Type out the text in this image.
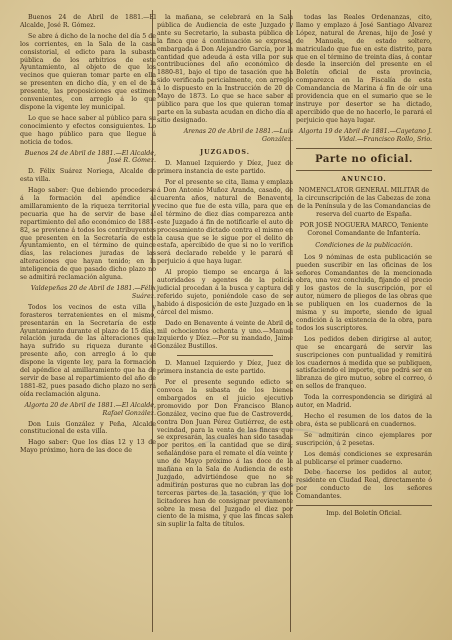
Buenos 24 de Abril de 1881.—El Alcalde, José R. Gómez.

Se abre á dicho de la noche del día 5 de los corrientes, en la Sala de la casa consistorial, el edicto para la subasta pública de los arbitrios de este Ayuntamiento, al objeto de que los vecinos que quieran tomar parte en ella se presenten en dicho día, y en el de la presente, las proposiciones que estimen convenientes, con arreglo á lo que dispone la vigente ley municipal.

Lo que se hace saber al público para su conocimiento y efectos consiguientes. Lo que hago público para que llegue á noticia de todos.

Buenos 24 de Abril de 1881.—El Alcalde, José R. Gómez.

D. Félix Suárez Noriega, Alcalde de esta villa.

Hago saber: Que debiendo procederse á la formación del apéndice al amillaramiento de la riqueza territorial y pecuaria que ha de servir de base al repartimiento del año económico de 1881-82, se previene á todos los contribuyentes que presenten en la Secretaría de este Ayuntamiento, en el término de quince días, las relaciones juradas de las alteraciones que hayan tenido; en la inteligencia de que pasado dicho plazo no se admitirá reclamación alguna.

Valdepeñas 20 de Abril de 1881.—Félix Suárez.

Todos los vecinos de esta villa y forasteros terratenientes en el mismo, presentarán en la Secretaría de este Ayuntamiento durante el plazo de 15 días, relación jurada de las alteraciones que haya sufrido su riqueza durante el presente año, con arreglo á lo que dispone la vigente ley, para la formación del apéndice al amillaramiento que ha de servir de base al repartimiento del año de 1881-82, pues pasado dicho plazo no será oída reclamación alguna.

Algorta 20 de Abril de 1881.—El Alcalde, Rafael González.

Don Luis González y Peña, Alcalde constitucional de esta villa.

Hago saber: Que los días 12 y 13 de Mayo próximo, hora de las doce de

la mañana, se celebrará en la Sala pública de Audiencia de este Juzgado y ante su Secretario, la subasta pública de la finca que á continuación se expresa, embargada á Don Alejandro García, por la cantidad que adeuda á esta villa por sus contribuciones del año económico de 1880-81, bajo el tipo de tasación que ha sido verificada pericialmente, con arreglo á lo dispuesto en la Instrucción de 20 de Mayo de 1873. Lo que se hace saber al público para que los que quieran tomar parte en la subasta acudan en dicho día al sitio designado.

Arenas 20 de Abril de 1881.—Luis González.

JUZGADOS.

D. Manuel Izquierdo y Díez, Juez de primera instancia de este partido.

Por el presente se cita, llama y emplaza á Don Antonio Muñoz Aranda, casado, de cuarenta años, natural de Benavente, vecino que fue de esta villa, para que en el término de diez días comparezca ante este Juzgado á fin de notificarle el auto de procesamiento dictado contra el mismo en la causa que se le sigue por el delito de estafa, apercibido de que si no lo verifica será declarado rebelde y le parará el perjuicio á que haya lugar.

Al propio tiempo se encarga á las autoridades y agentes de la policía judicial procedan á la busca y captura del referido sujeto, poniéndole caso de ser habido á disposición de este Juzgado en la cárcel del mismo.

Dado en Benavente á veinte de Abril de mil ochocientos ochenta y uno.—Manuel Izquierdo y Díez.—Por su mandado, Jaime González Bustillos.

D. Manuel Izquierdo y Díez, Juez de primera instancia de este partido.

Por el presente segundo edicto se convoca la subasta de los bienes embargados en el juicio ejecutivo promovido por Don Francisco Blanco González, vecino que fue de Castroverde, contra Don Juan Pérez Gutiérrez, de esta vecindad, para la venta de las fincas que se expresarán, las cuales han sido tasadas por peritos en la cantidad que se dirá; señalándose para el remate el día veinte y uno de Mayo próximo á las doce de la mañana en la Sala de Audiencia de este Juzgado, advirtiéndose que no se admitirán posturas que no cubran las dos terceras partes de la tasación, y que los licitadores han de consignar previamente sobre la mesa del Juzgado el diez por ciento de la misma, y que las fincas salen sin suplir la falta de títulos.

todas las Reales Ordenanzas, cito, llamo y emplazo á José Santiago Alvarez López, natural de Arenas, hijo de José y de Manuela, de estado soltero, matriculado que fue en este distrito, para que en el término de treinta días, á contar desde la inserción del presente en el Boletín oficial de esta provincia, comparezca en la Fiscalía de esta Comandancia de Marina á fin de oír una providencia que en el sumario que se le instruye por desertor se ha dictado, apercibido que de no hacerlo, le parará el perjuicio que haya lugar.

Algorta 19 de Abril de 1881.—Cayetano J. Vidal.—Francisco Rollo, Srio.

Parte no oficial.
ANUNCIO.

NOMENCLATOR GENERAL MILITAR de la circunscripción de las Cabezas de zona de la Península y de las Comandancias de reserva del cuarto de España.

POR JOSÉ NOGUERA MARCO, Teniente Coronel Comandante de Infantería.

Condiciones de la publicación.

Los 9 nóminas de esta publicación se pueden suscribir en las oficinas de los señores Comandantes de la mencionada obra, una vez concluida, fijando el precio y los gastos de la suscripción, por el autor, número de pliegos de las obras que se publiquen en los cuadernos de la misma y su importe, siendo de igual condición á la existencia de la obra, para todos los suscriptores.

Los pedidos deben dirigirse al autor, que se encargará de servir las suscripciones con puntualidad y remitirá los cuadernos á medida que se publiquen, satisfaciendo el importe, que podrá ser en libranza de giro mutuo, sobre el correo, ó en sellos de franqueo.

Toda la correspondencia se dirigirá al autor, en Madrid.

Hecho el resumen de los datos de la obra, ésta se publicará en cuadernos.

Se admitirán cinco ejemplares por suscripción, á 2 pesetas.

Los demás condiciones se expresarán al publicarse el primer cuaderno.

Debe hacerse los pedidos al autor, residente en Ciudad Real, directamente ó por conducto de los señores Comandantes.

Imp. del Boletín Oficial.
